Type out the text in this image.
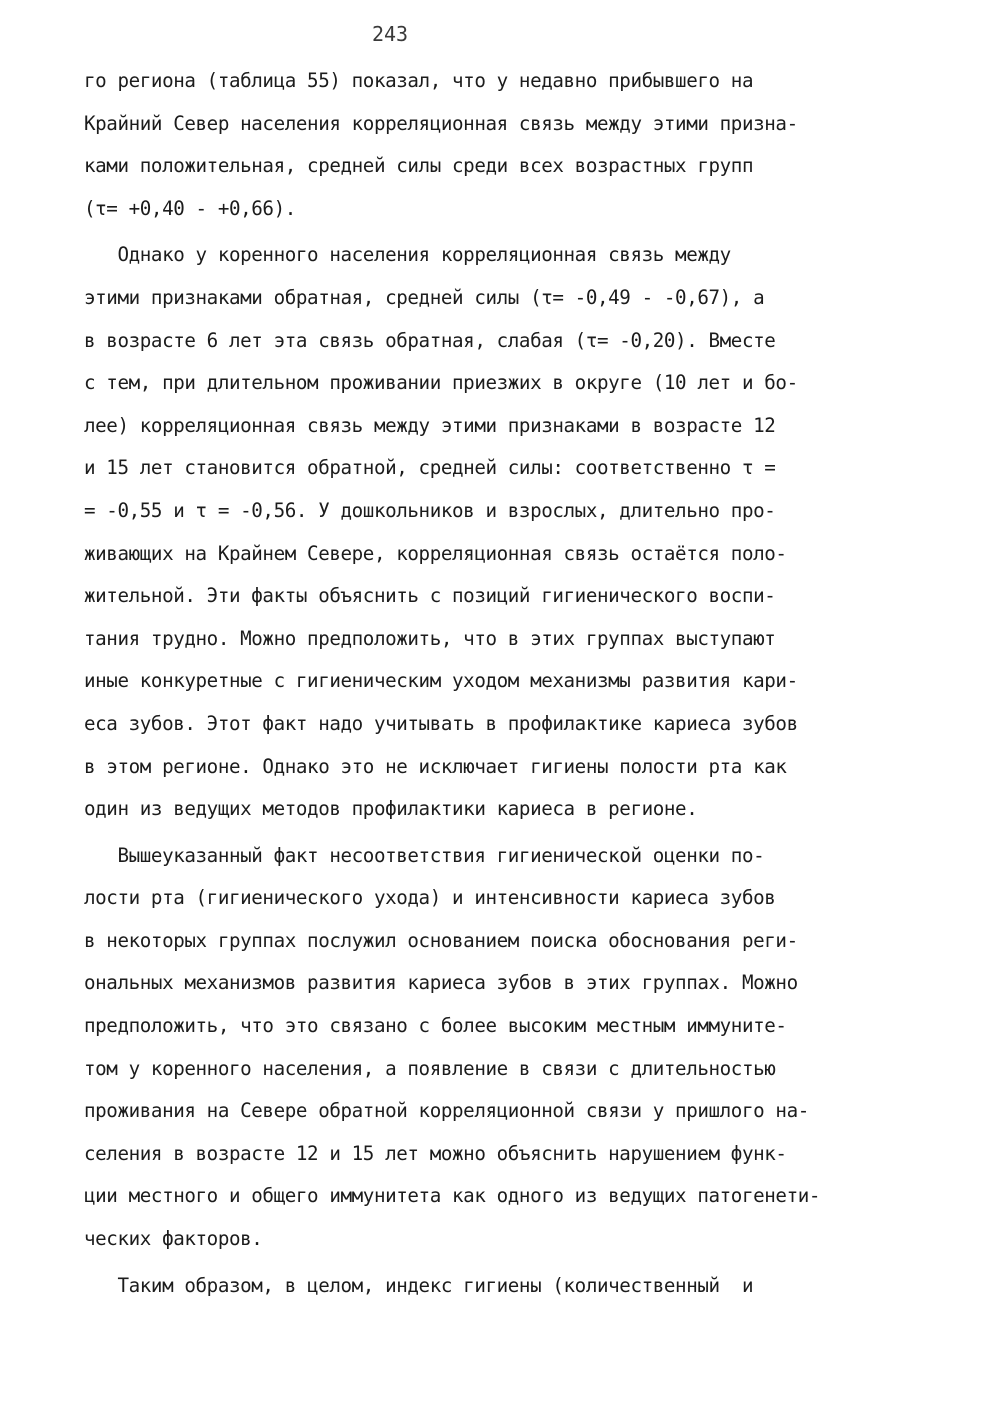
243
го региона (таблица 55) показал, что у недавно прибывшего на
Крайний Север населения корреляционная связь между этими призна-
ками положительная, средней силы среди всех возрастных групп
(τ= +0,40 - +0,66).
Однако у коренного населения корреляционная связь между
этими признаками обратная, средней силы (τ= -0,49 - -0,67), а
в возрасте 6 лет эта связь обратная, слабая (τ= -0,20). Вместе
с тем, при длительном проживании приезжих в округе (10 лет и бо-
лее) корреляционная связь между этими признаками в возрасте 12
и 15 лет становится обратной, средней силы: соответственно τ =
= -0,55 и τ = -0,56. У дошкольников и взрослых, длительно про-
живающих на Крайнем Севере, корреляционная связь остаётся поло-
жительной. Эти факты объяснить с позиций гигиенического воспи-
тания трудно. Можно предположить, что в этих группах выступают
иные конкуретные с гигиеническим уходом механизмы развития кари-
еса зубов. Этот факт надо учитывать в профилактике кариеса зубов
в этом регионе. Однако это не исключает гигиены полости рта как
один из ведущих методов профилактики кариеса в регионе.
Вышеуказанный факт несоответствия гигиенической оценки по-
лости рта (гигиенического ухода) и интенсивности кариеса зубов
в некоторых группах послужил основанием поиска обоснования реги-
ональных механизмов развития кариеса зубов в этих группах. Можно
предположить, что это связано с более высоким местным иммуните-
том у коренного населения, а появление в связи с длительностью
проживания на Севере обратной корреляционной связи у пришлого на-
селения в возрасте 12 и 15 лет можно объяснить нарушением функ-
ции местного и общего иммунитета как одного из ведущих патогенети-
ческих факторов.
Таким образом, в целом, индекс гигиены (количественный  и
